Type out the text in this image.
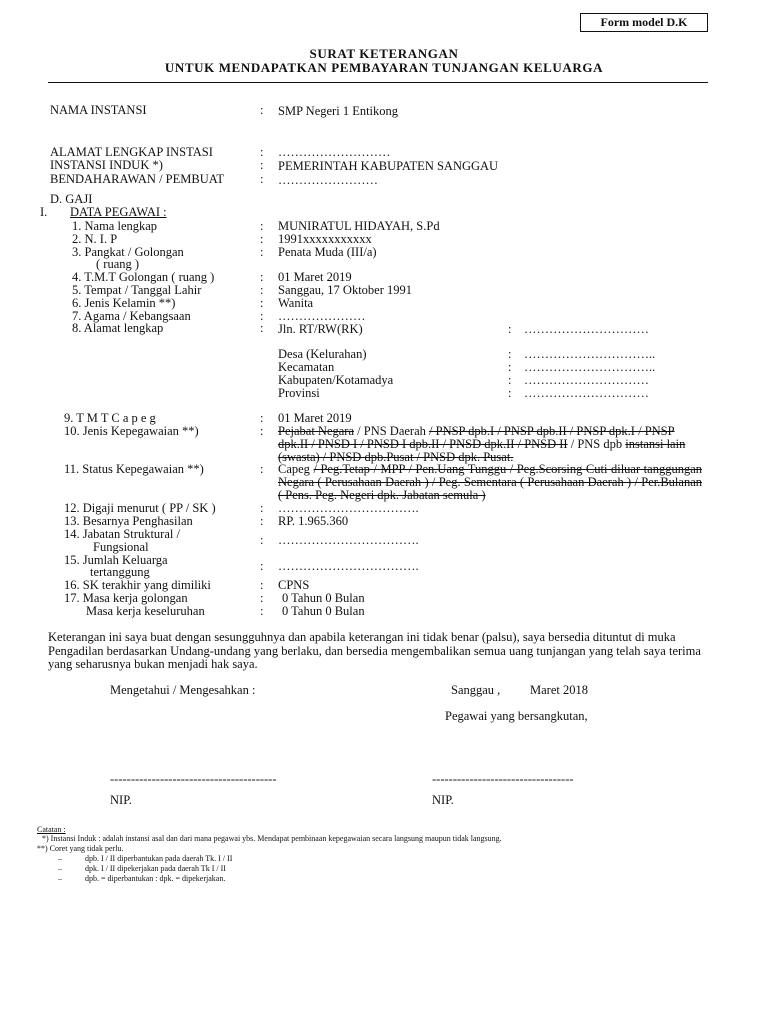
Form model D.K
SURAT KETERANGAN
UNTUK MENDAPATKAN PEMBAYARAN TUNJANGAN KELUARGA
NAMA INSTANSI	: SMP Negeri 1 Entikong
ALAMAT LENGKAP INSTASI	: ………………………
INSTANSI INDUK *)	: PEMERINTAH KABUPATEN SANGGAU
BENDAHARAWAN / PEMBUAT	: ……………………
D. GAJI
I. DATA PEGAWAI :
1. Nama lengkap	: MUNIRATUL HIDAYAH, S.Pd
2. N. I. P	: 1991xxxxxxxxxxx
3. Pangkat / Golongan
( ruang )
: Penata Muda (III/a)
4. T.M.T Golongan ( ruang )	: 01 Maret 2019
5. Tempat / Tanggal Lahir	: Sanggau, 17 Oktober 1991
6. Jenis Kelamin **)	: Wanita
7. Agama / Kebangsaan	: …………………
8. Alamat lengkap	: Jln. RT/RW(RK)	: …………………………
Desa (Kelurahan)	: …………………………..
Kecamatan	: …………………………..
Kabupaten/Kotamadya	: …………………………
Provinsi	: …………………………
9. T M T C a p e g	: 01 Maret 2019
10. Jenis Kepegawaian **)	: Pejabat Negara / PNS Daerah / PNSP dpb.I / PNSP dpb.II / PNSP dpk.I / PNSP dpk.II / PNSD I / PNSD I dpb.II / PNSD dpk.II / PNSD II / PNS dpb instansi lain (swasta) / PNSD dpb.Pusat / PNSD dpk. Pusat.
11. Status Kepegawaian **)	: Capeg / Peg.Tetap / MPP / Pen.Uang Tunggu / Peg.Scorsing Cuti diluar tanggungan Negara ( Perusahaan Daerah ) / Peg. Sementara ( Perusahaan Daerah ) / Per.Bulanan ( Pens. Peg. Negeri dpk. Jabatan semula )
12. Digaji menurut ( PP / SK )	: …………………………….
13. Besarnya Penghasilan	: RP. 1.965.360
14. Jabatan Struktural /
Fungsional	: …………………………….
15. Jumlah Keluarga
tertanggung	: …………………………….
16. SK terakhir yang dimiliki	: CPNS
17. Masa kerja golongan	: 0 Tahun 0 Bulan
Masa kerja keseluruhan	: 0 Tahun 0 Bulan
Keterangan ini saya buat dengan sesungguhnya dan apabila keterangan ini tidak benar (palsu), saya bersedia dituntut di muka Pengadilan berdasarkan Undang-undang yang berlaku, dan bersedia mengembalikan semua uang tunjangan yang telah saya terima yang seharusnya bukan menjadi hak saya.
Mengetahui / Mengesahkan :	Sanggau , Maret 2018
Pegawai yang bersangkutan,
----------------------------------------	----------------------------------
NIP.	NIP.
Catatan :
*) Instansi Induk : adalah instansi asal dan dari mana pegawai ybs. Mendapat pembinaan kepegawaian secara langsung maupun tidak langsung.
**) Coret yang tidak perlu.
–	dpb. I / II diperbantukan pada daerah Tk. I / II
–	dpk. I / II dipekerjakan pada daerah Tk I / II
–	dpb. = diperbantukan : dpk. = dipekerjakan.
